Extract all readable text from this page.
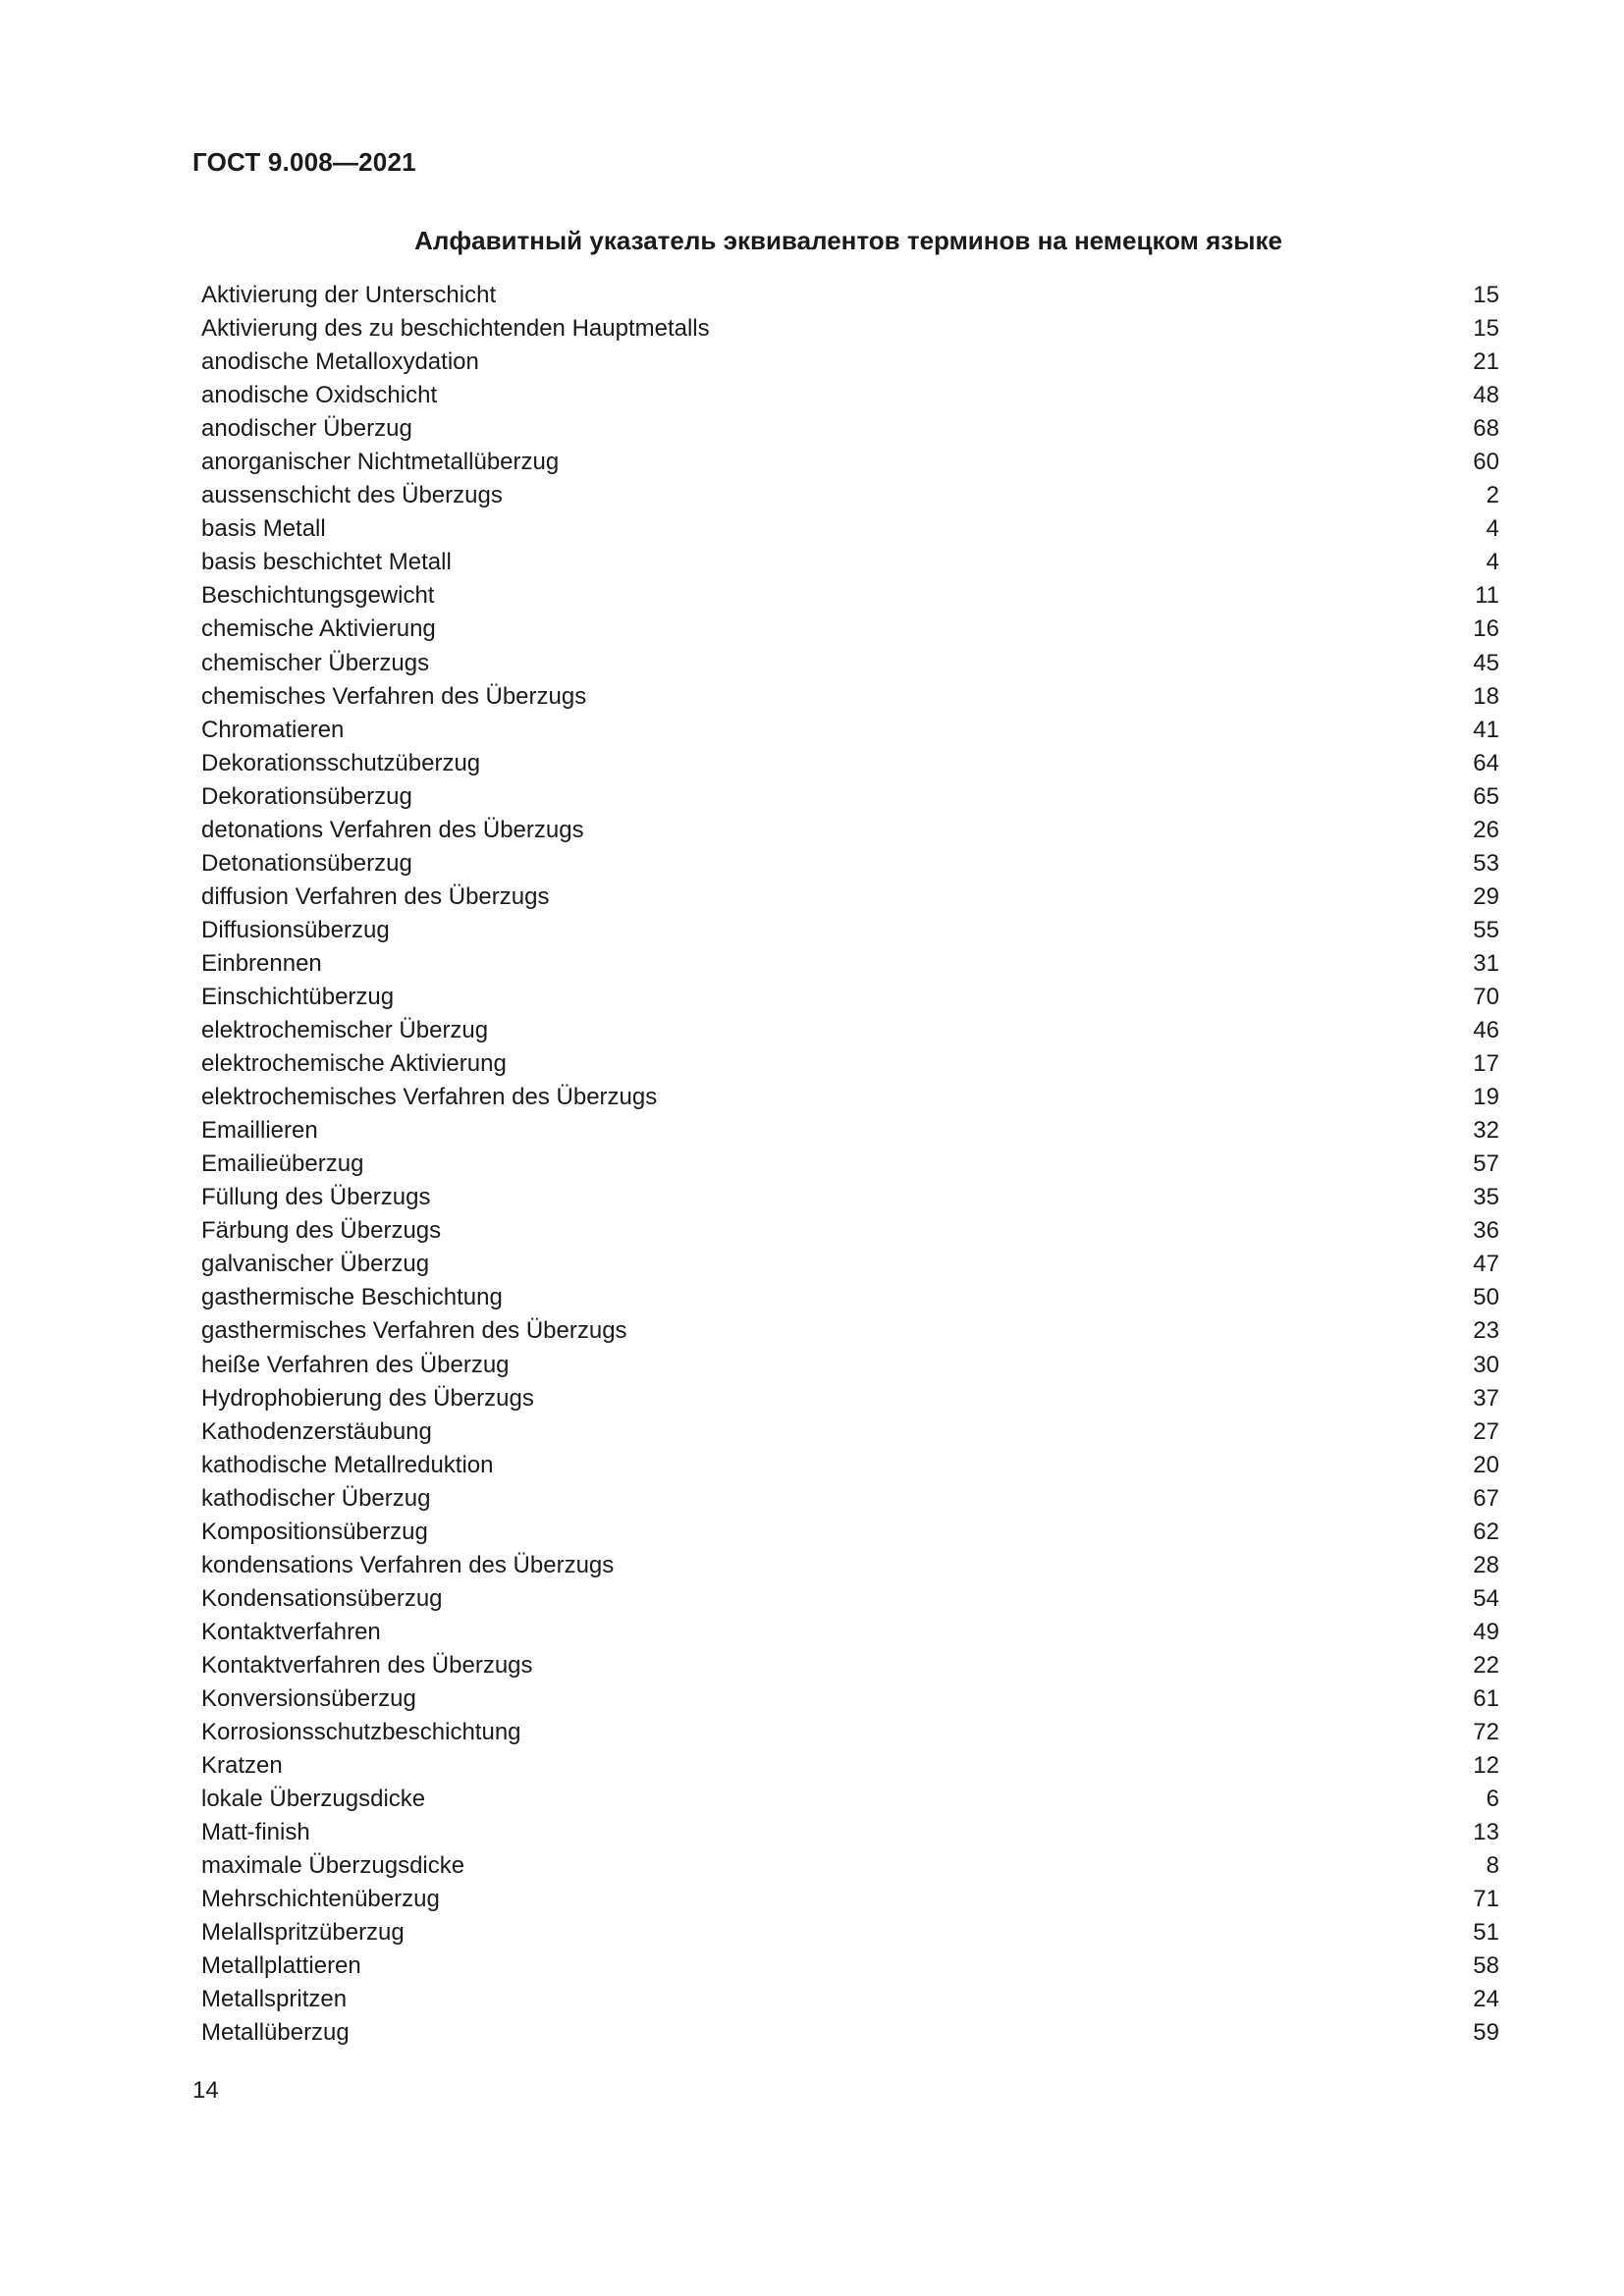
ГОСТ 9.008—2021

Алфавитный указатель эквивалентов терминов на немецком языке
Aktivierung der Unterschicht	15
Aktivierung des zu beschichtenden Hauptmetalls	15
anodische Metalloxydation	21
anodische Oxidschicht	48
anodischer Überzug	68
anorganischer Nichtmetallüberzug	60
aussenschicht des Überzugs	2
basis Metall	4
basis beschichtet Metall	4
Beschichtungsgewicht	11
chemische Aktivierung	16
chemischer Überzugs	45
chemisches Verfahren des Überzugs	18
Chromatieren	41
Dekorationsschutzüberzug	64
Dekorationsüberzug	65
detonations Verfahren des Überzugs	26
Detonationsüberzug	53
diffusion Verfahren des Überzugs	29
Diffusionsüberzug	55
Einbrennen	31
Einschichtüberzug	70
elektrochemischer Überzug	46
elektrochemische Aktivierung	17
elektrochemisches Verfahren des Überzugs	19
Emaillieren	32
Emailieüberzug	57
Füllung des Überzugs	35
Färbung des Überzugs	36
galvanischer Überzug	47
gasthermische Beschichtung	50
gasthermisches Verfahren des Überzugs	23
heiße Verfahren des Überzug	30
Hydrophobierung des Überzugs	37
Kathodenzerstäubung	27
kathodische Metallreduktion	20
kathodischer Überzug	67
Kompositionsüberzug	62
kondensations Verfahren des Überzugs	28
Kondensationsüberzug	54
Kontaktverfahren	49
Kontaktverfahren des Überzugs	22
Konversionsüberzug	61
Korrosionsschutzbeschichtung	72
Kratzen	12
lokale Überzugsdicke	6
Matt-finish	13
maximale Überzugsdicke	8
Mehrschichtenüberzug	71
Melallspritzüberzug	51
Metallplattieren	58
Metallspritzen	24
Metallüberzug	59

14
